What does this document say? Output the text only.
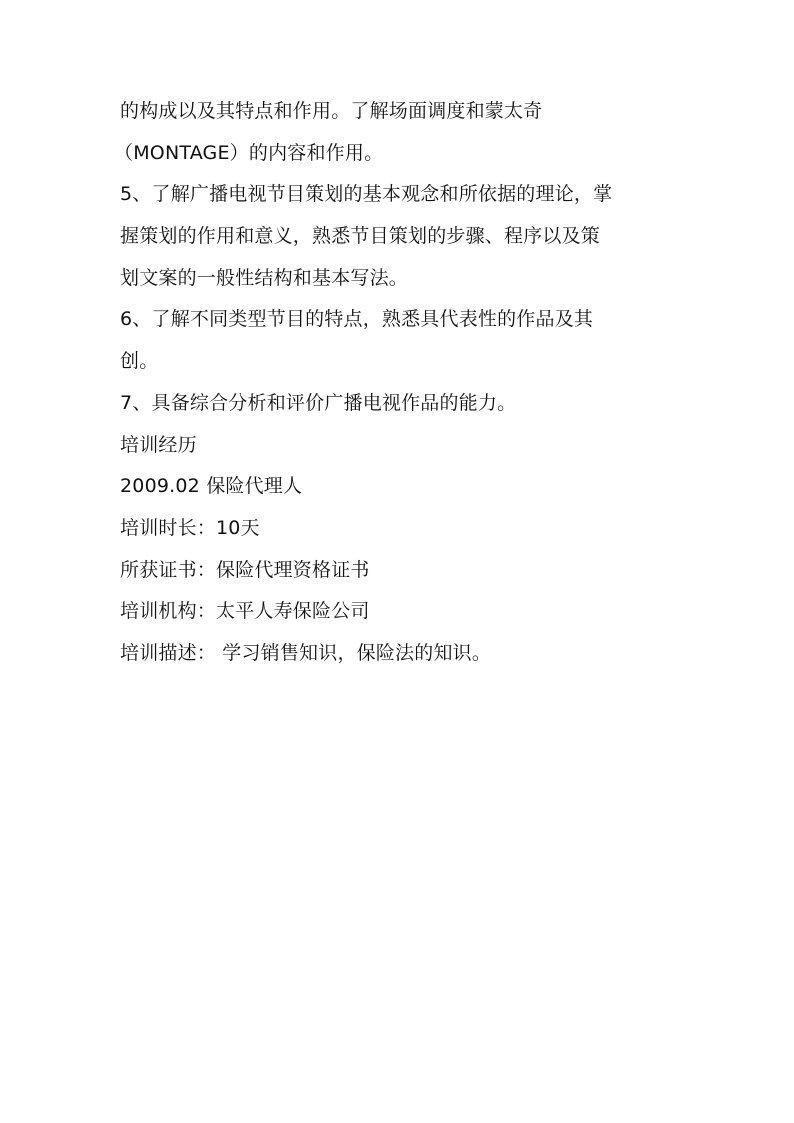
的构成以及其特点和作用。了解场面调度和蒙太奇
（MONTAGE）的内容和作用。
5、了解广播电视节目策划的基本观念和所依据的理论，掌
握策划的作用和意义，熟悉节目策划的步骤、程序以及策
划文案的一般性结构和基本写法。
6、了解不同类型节目的特点，熟悉具代表性的作品及其
创。
7、具备综合分析和评价广播电视作品的能力。
培训经历
2009.02 保险代理人
培训时长：10天
所获证书：保险代理资格证书
培训机构：太平人寿保险公司
培训描述： 学习销售知识，保险法的知识。
